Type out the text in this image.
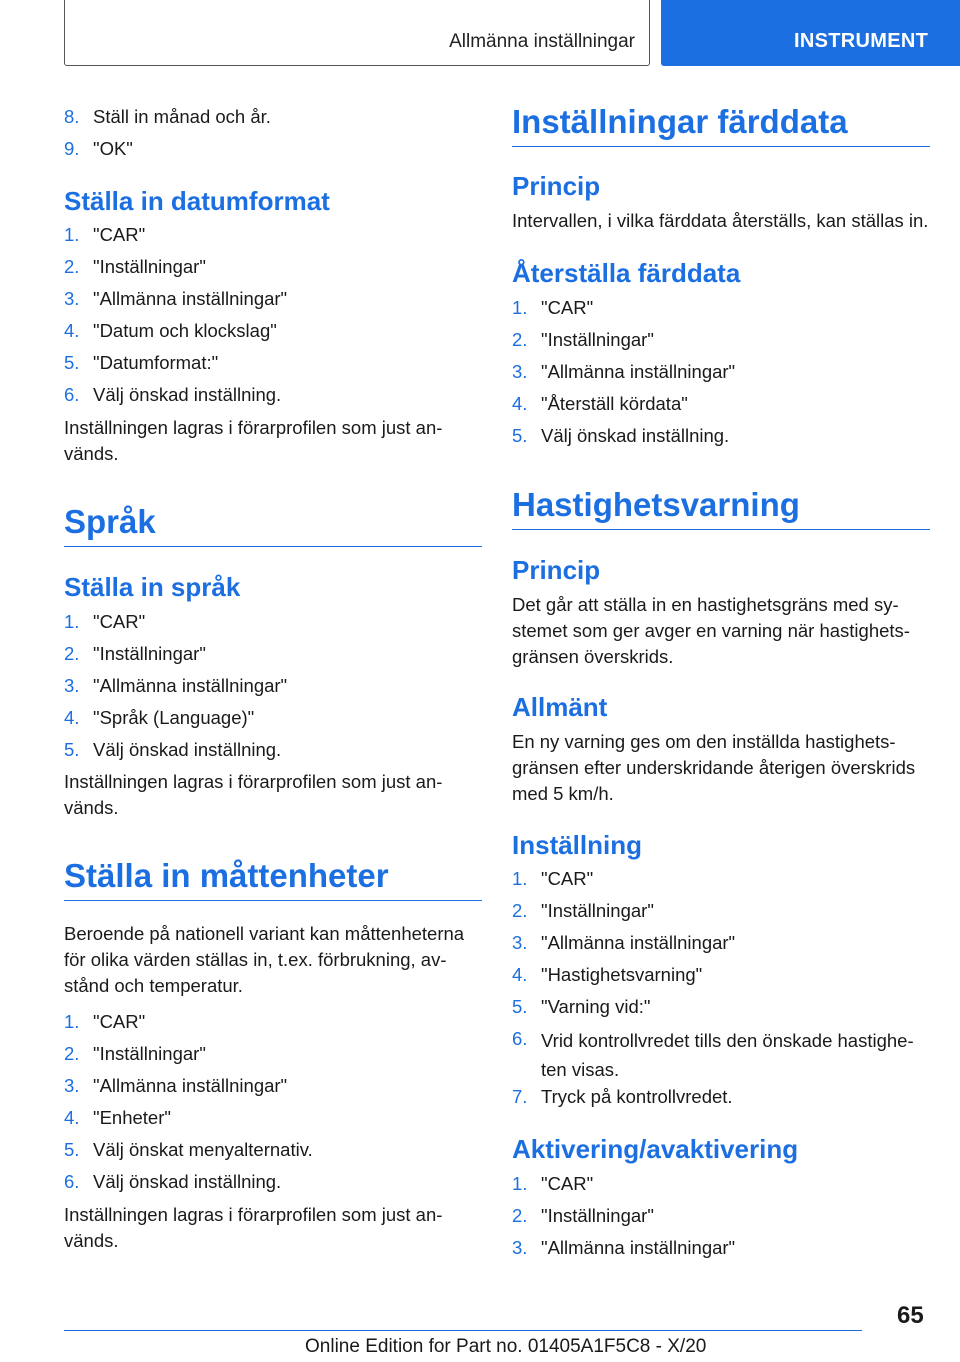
Allmänna inställningar	INSTRUMENT
8. Ställ in månad och år.
9. "OK"
Ställa in datumformat
1. "CAR"
2. "Inställningar"
3. "Allmänna inställningar"
4. "Datum och klockslag"
5. "Datumformat:"
6. Välj önskad inställning.
Inställningen lagras i förarprofilen som just an-vänds.
Språk
Ställa in språk
1. "CAR"
2. "Inställningar"
3. "Allmänna inställningar"
4. "Språk (Language)"
5. Välj önskad inställning.
Inställningen lagras i förarprofilen som just an-vänds.
Ställa in måttenheter
Beroende på nationell variant kan måttenheterna för olika värden ställas in, t.ex. förbrukning, av-stånd och temperatur.
1. "CAR"
2. "Inställningar"
3. "Allmänna inställningar"
4. "Enheter"
5. Välj önskat menyalternativ.
6. Välj önskad inställning.
Inställningen lagras i förarprofilen som just an-vänds.
Inställningar färddata
Princip
Intervallen, i vilka färddata återställs, kan ställas in.
Återställa färddata
1. "CAR"
2. "Inställningar"
3. "Allmänna inställningar"
4. "Återställ kördata"
5. Välj önskad inställning.
Hastighetsvarning
Princip
Det går att ställa in en hastighetsgräns med sy-stemet som ger avger en varning när hastighets-gränsen överskrids.
Allmänt
En ny varning ges om den inställda hastighets-gränsen efter underskridande återigen överskrids med 5 km/h.
Inställning
1. "CAR"
2. "Inställningar"
3. "Allmänna inställningar"
4. "Hastighetsvarning"
5. "Varning vid:"
6. Vrid kontrollvredet tills den önskade hastighe-ten visas.
7. Tryck på kontrollvredet.
Aktivering/avaktivering
1. "CAR"
2. "Inställningar"
3. "Allmänna inställningar"
65
Online Edition for Part no. 01405A1F5C8 - X/20
